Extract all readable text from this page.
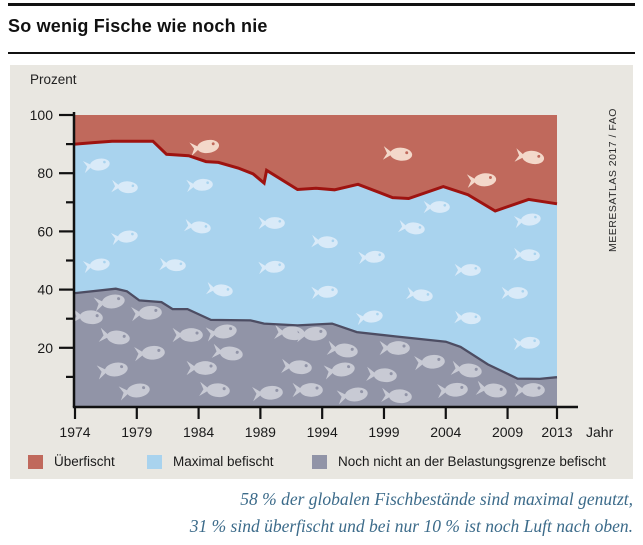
So wenig Fische wie noch nie
20
40
60
80
100
1974 1979 1984 1989 1994 1999 2004 2009 2013 Jahr
Prozent
MEERESATLAS 2017 / FAO
Überfischt	Maximal befischt	Noch nicht an der Belastungsgrenze befischt
58 % der globalen Fischbestände sind maximal genutzt,
31 % sind überfischt und bei nur 10 % ist noch Luft nach oben.
